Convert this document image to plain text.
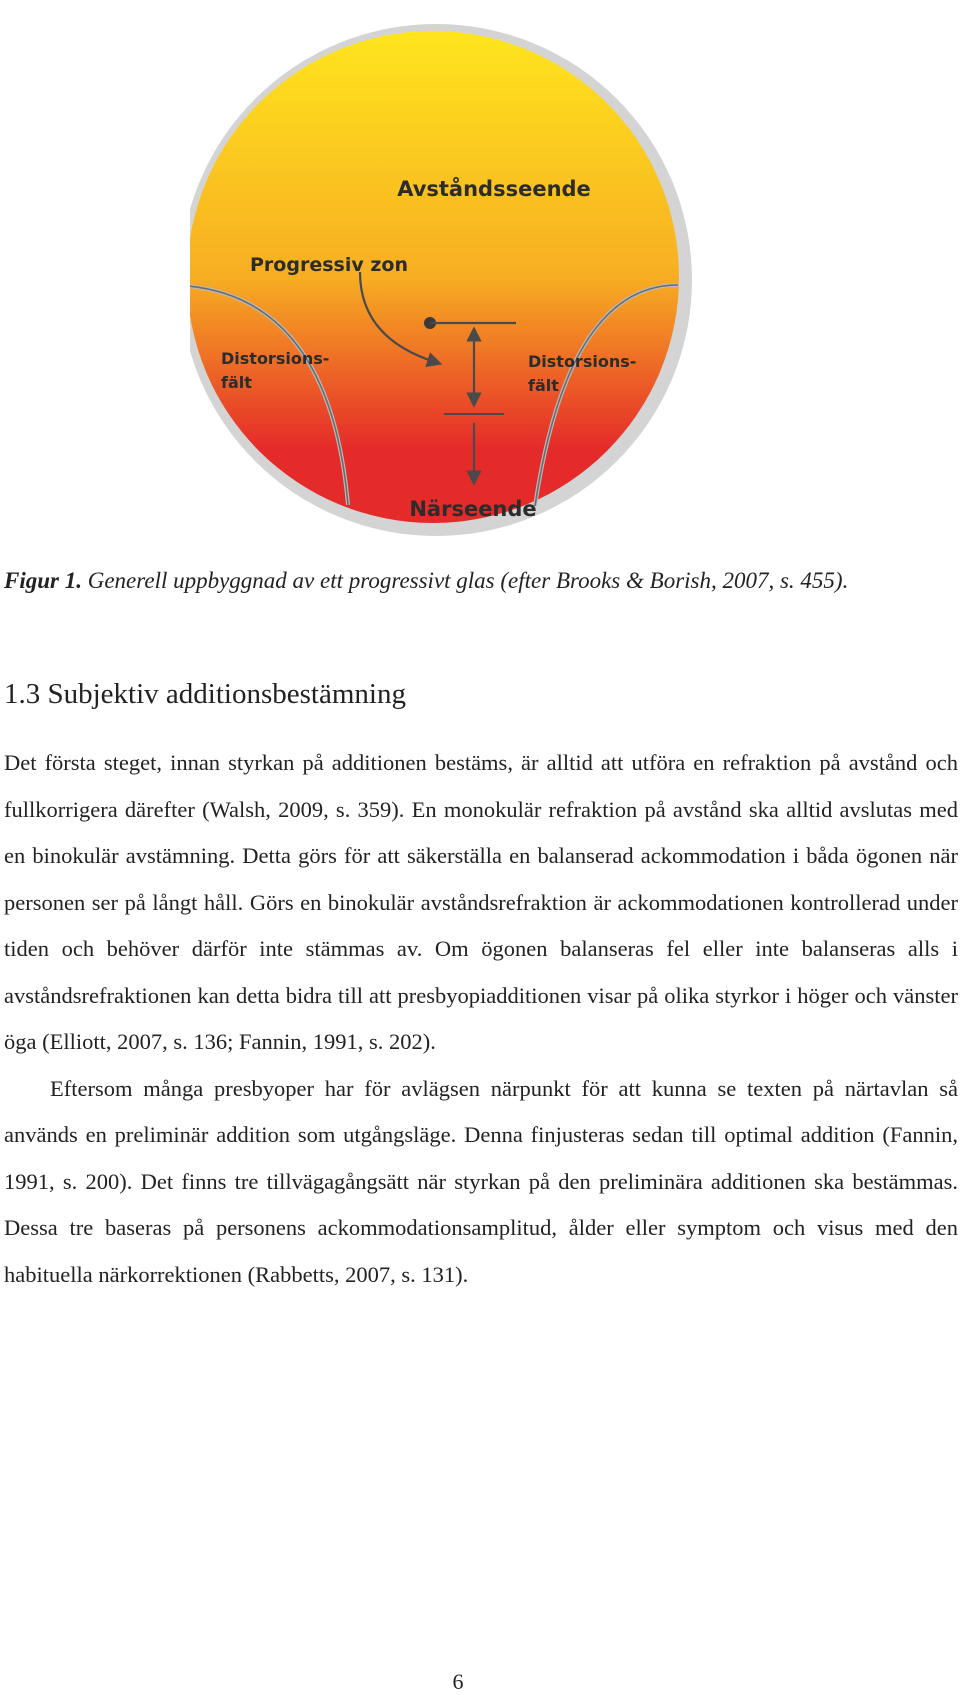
Avståndsseende
Progressiv zon
Distorsions-
fält
Distorsions-
fält
Närseende
Figur 1. Generell uppbyggnad av ett progressivt glas (efter Brooks & Borish, 2007, s. 455).
1.3 Subjektiv additionsbestämning

Det första steget, innan styrkan på additionen bestäms, är alltid att utföra en refraktion på avstånd och fullkorrigera därefter (Walsh, 2009, s. 359). En monokulär refraktion på avstånd ska alltid avslutas med en binokulär avstämning. Detta görs för att säkerställa en balanserad ackommodation i båda ögonen när personen ser på långt håll. Görs en binokulär avståndsrefraktion är ackommodationen kontrollerad under tiden och behöver därför inte stämmas av. Om ögonen balanseras fel eller inte balanseras alls i avståndsrefraktionen kan detta bidra till att presbyopiadditionen visar på olika styrkor i höger och vänster öga (Elliott, 2007, s. 136; Fannin, 1991, s. 202).

Eftersom många presbyoper har för avlägsen närpunkt för att kunna se texten på närtavlan så används en preliminär addition som utgångsläge. Denna finjusteras sedan till optimal addition (Fannin, 1991, s. 200). Det finns tre tillvägagångsätt när styrkan på den preliminära additionen ska bestämmas. Dessa tre baseras på personens ackommodationsamplitud, ålder eller symptom och visus med den habituella närkorrektionen (Rabbetts, 2007, s. 131).

6
